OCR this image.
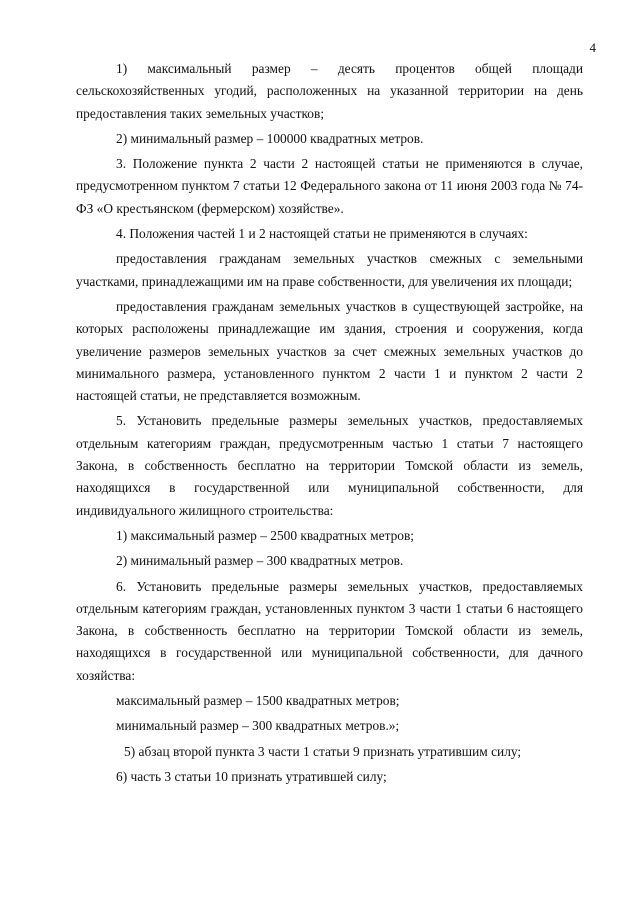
4

1) максимальный размер – десять процентов общей площади сельскохозяйственных угодий, расположенных на указанной территории на день предоставления таких земельных участков;

2) минимальный размер – 100000 квадратных метров.

3. Положение пункта 2 части 2 настоящей статьи не применяются в случае, предусмотренном пунктом 7 статьи 12 Федерального закона от 11 июня 2003 года № 74-ФЗ «О крестьянском (фермерском) хозяйстве».

4. Положения частей 1 и 2 настоящей статьи не применяются в случаях:

предоставления гражданам земельных участков смежных с земельными участками, принадлежащими им на праве собственности, для увеличения их площади;

предоставления гражданам земельных участков в существующей застройке, на которых расположены принадлежащие им здания, строения и сооружения, когда увеличение размеров земельных участков за счет смежных земельных участков до минимального размера, установленного пунктом 2 части 1 и пунктом 2 части 2 настоящей статьи, не представляется возможным.

5. Установить предельные размеры земельных участков, предоставляемых отдельным категориям граждан, предусмотренным частью 1 статьи 7 настоящего Закона, в собственность бесплатно на территории Томской области из земель, находящихся в государственной или муниципальной собственности, для индивидуального жилищного строительства:

1) максимальный размер – 2500 квадратных метров;

2) минимальный размер – 300 квадратных метров.

6. Установить предельные размеры земельных участков, предоставляемых отдельным категориям граждан, установленных пунктом 3 части 1 статьи 6 настоящего Закона, в собственность бесплатно на территории Томской области из земель, находящихся в государственной или муниципальной собственности, для дачного хозяйства:

максимальный размер – 1500 квадратных метров;

минимальный размер – 300 квадратных метров.»;

5) абзац второй пункта 3 части 1 статьи 9 признать утратившим силу;

6) часть 3 статьи 10 признать утратившей силу;
